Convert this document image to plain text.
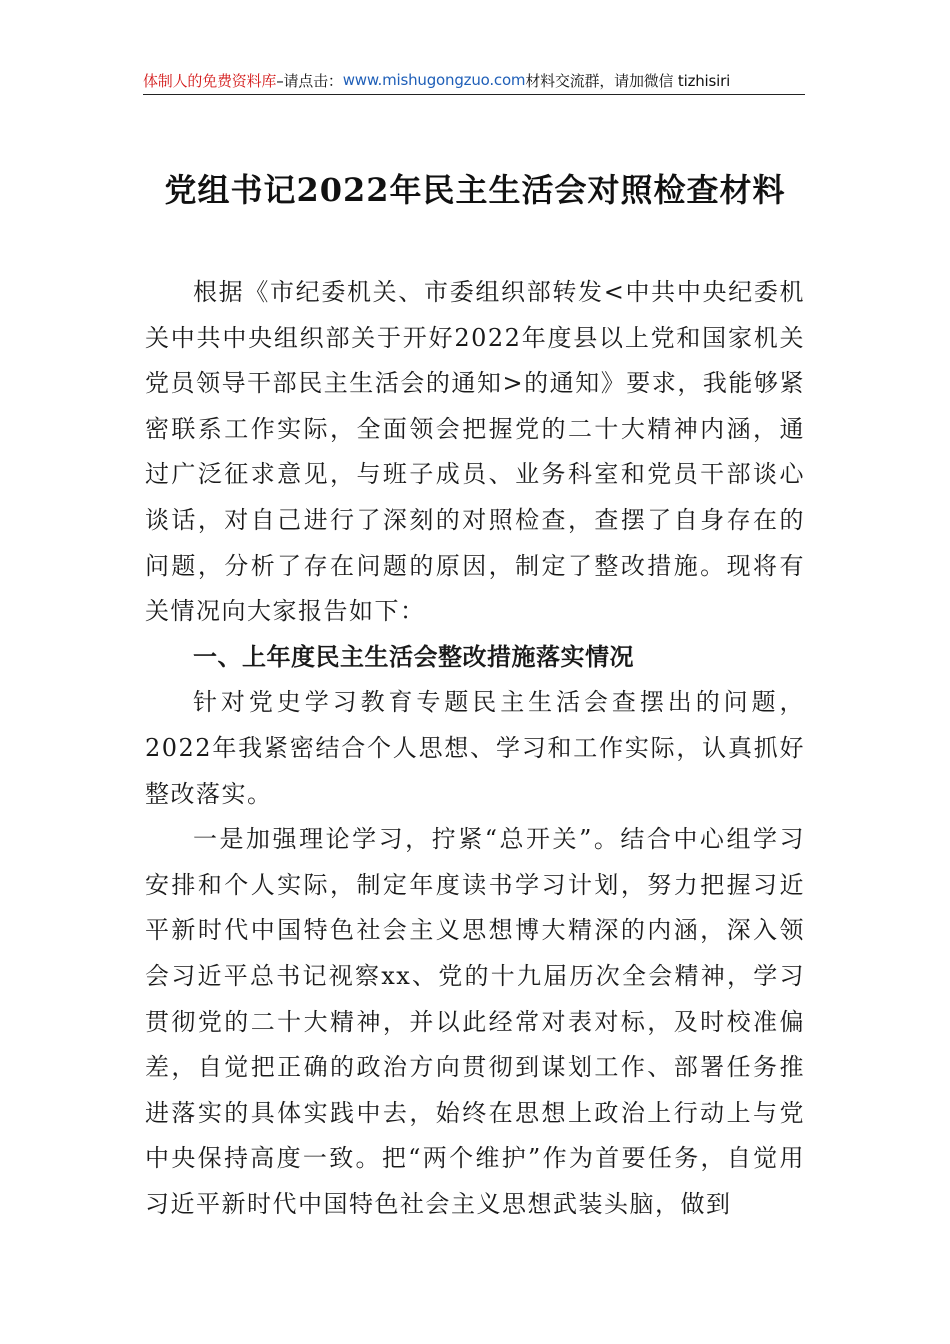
体制人的免费资料库 –请点击： www.mishugongzuo.com 材料交流群，请加微信 tizhisiri
党组书记2022年民主生活会对照检查材料

根据《市纪委机关、市委组织部转发<中共中央纪委机关中共中央组织部关于开好2022年度县以上党和国家机关党员领导干部民主生活会的通知>的通知》要求，我能够紧密联系工作实际，全面领会把握党的二十大精神内涵，通过广泛征求意见，与班子成员、业务科室和党员干部谈心谈话，对自己进行了深刻的对照检查，查摆了自身存在的问题，分析了存在问题的原因，制定了整改措施。现将有关情况向大家报告如下：

一、上年度民主生活会整改措施落实情况

针对党史学习教育专题民主生活会查摆出的问题，2022年我紧密结合个人思想、学习和工作实际，认真抓好整改落实。

一是加强理论学习，拧紧“总开关”。结合中心组学习安排和个人实际，制定年度读书学习计划，努力把握习近平新时代中国特色社会主义思想博大精深的内涵，深入领会习近平总书记视察xx、党的十九届历次全会精神，学习贯彻党的二十大精神，并以此经常对表对标，及时校准偏差，自觉把正确的政治方向贯彻到谋划工作、部署任务推进落实的具体实践中去，始终在思想上政治上行动上与党中央保持高度一致。把“两个维护”作为首要任务，自觉用习近平新时代中国特色社会主义思想武装头脑，做到
